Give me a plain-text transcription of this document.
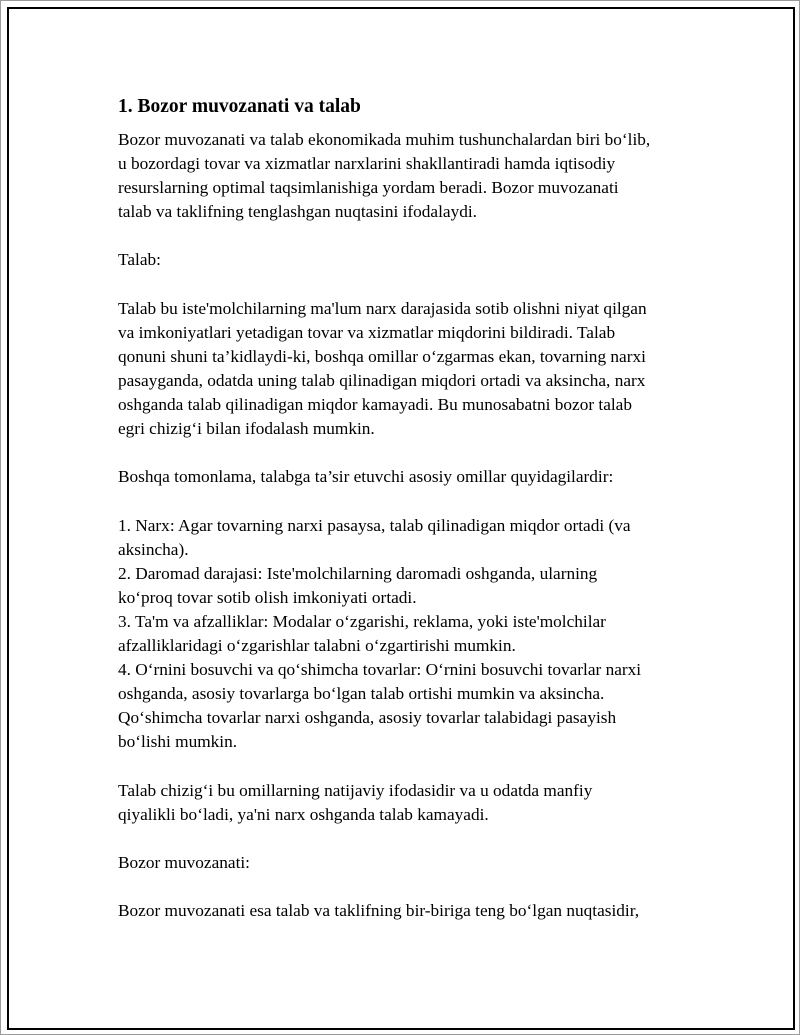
1. Bozor muvozanati va talab

Bozor muvozanati va talab ekonomikada muhim tushunchalardan biri bo‘lib,
u bozordagi tovar va xizmatlar narxlarini shakllantiradi hamda iqtisodiy
resurslarning optimal taqsimlanishiga yordam beradi. Bozor muvozanati
talab va taklifning tenglashgan nuqtasini ifodalaydi.

Talab:

Talab bu iste'molchilarning ma'lum narx darajasida sotib olishni niyat qilgan
va imkoniyatlari yetadigan tovar va xizmatlar miqdorini bildiradi. Talab
qonuni shuni ta’kidlaydi-ki, boshqa omillar o‘zgarmas ekan, tovarning narxi
pasayganda, odatda uning talab qilinadigan miqdori ortadi va aksincha, narx
oshganda talab qilinadigan miqdor kamayadi. Bu munosabatni bozor talab
egri chizig‘i bilan ifodalash mumkin.

Boshqa tomonlama, talabga ta’sir etuvchi asosiy omillar quyidagilardir:

1. Narx: Agar tovarning narxi pasaysa, talab qilinadigan miqdor ortadi (va
aksincha).
2. Daromad darajasi: Iste'molchilarning daromadi oshganda, ularning
ko‘proq tovar sotib olish imkoniyati ortadi.
3. Ta'm va afzalliklar: Modalar o‘zgarishi, reklama, yoki iste'molchilar
afzalliklaridagi o‘zgarishlar talabni o‘zgartirishi mumkin.
4. O‘rnini bosuvchi va qo‘shimcha tovarlar: O‘rnini bosuvchi tovarlar narxi
oshganda, asosiy tovarlarga bo‘lgan talab ortishi mumkin va aksincha.
Qo‘shimcha tovarlar narxi oshganda, asosiy tovarlar talabidagi pasayish
bo‘lishi mumkin.

Talab chizig‘i bu omillarning natijaviy ifodasidir va u odatda manfiy
qiyalikli bo‘ladi, ya'ni narx oshganda talab kamayadi.

Bozor muvozanati:

Bozor muvozanati esa talab va taklifning bir-biriga teng bo‘lgan nuqtasidir,
